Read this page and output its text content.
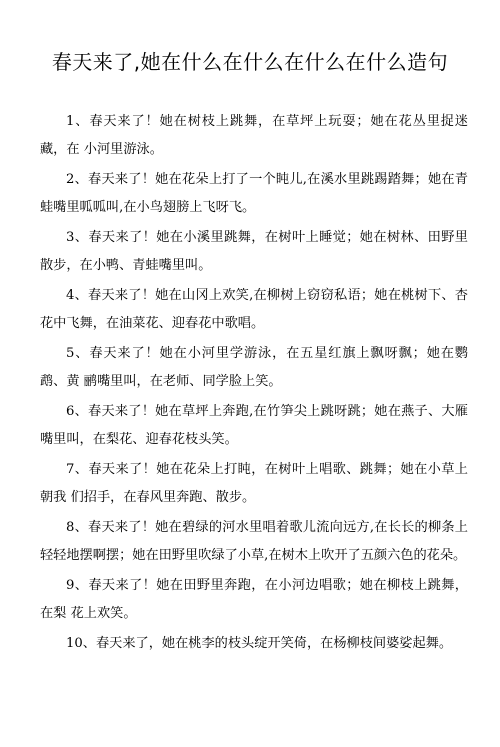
春天来了,她在什么在什么在什么在什么造句

1、春天来了！她在树枝上跳舞，在草坪上玩耍；她在花丛里捉迷藏，在 小河里游泳。

2、春天来了！她在花朵上打了一个盹儿,在溪水里跳踢踏舞；她在青蛙嘴里呱呱叫,在小鸟翅膀上飞呀飞。

3、春天来了！她在小溪里跳舞，在树叶上睡觉；她在树林、田野里散步，在小鸭、青蛙嘴里叫。

4、春天来了！她在山冈上欢笑,在柳树上窃窃私语；她在桃树下、杏花中飞舞，在油菜花、迎春花中歌唱。

5、春天来了！她在小河里学游泳，在五星红旗上飘呀飘；她在鹦鹉、黄 鹂嘴里叫，在老师、同学脸上笑。

6、春天来了！她在草坪上奔跑,在竹笋尖上跳呀跳；她在燕子、大雁嘴里叫，在梨花、迎春花枝头笑。

7、春天来了！她在花朵上打盹，在树叶上唱歌、跳舞；她在小草上朝我 们招手，在春风里奔跑、散步。

8、春天来了！她在碧绿的河水里唱着歌儿流向远方,在长长的柳条上轻轻地摆啊摆；她在田野里吹绿了小草,在树木上吹开了五颜六色的花朵。

9、春天来了！她在田野里奔跑，在小河边唱歌；她在柳枝上跳舞，在梨 花上欢笑。

10、春天来了，她在桃李的枝头绽开笑倚，在杨柳枝间婆娑起舞。
